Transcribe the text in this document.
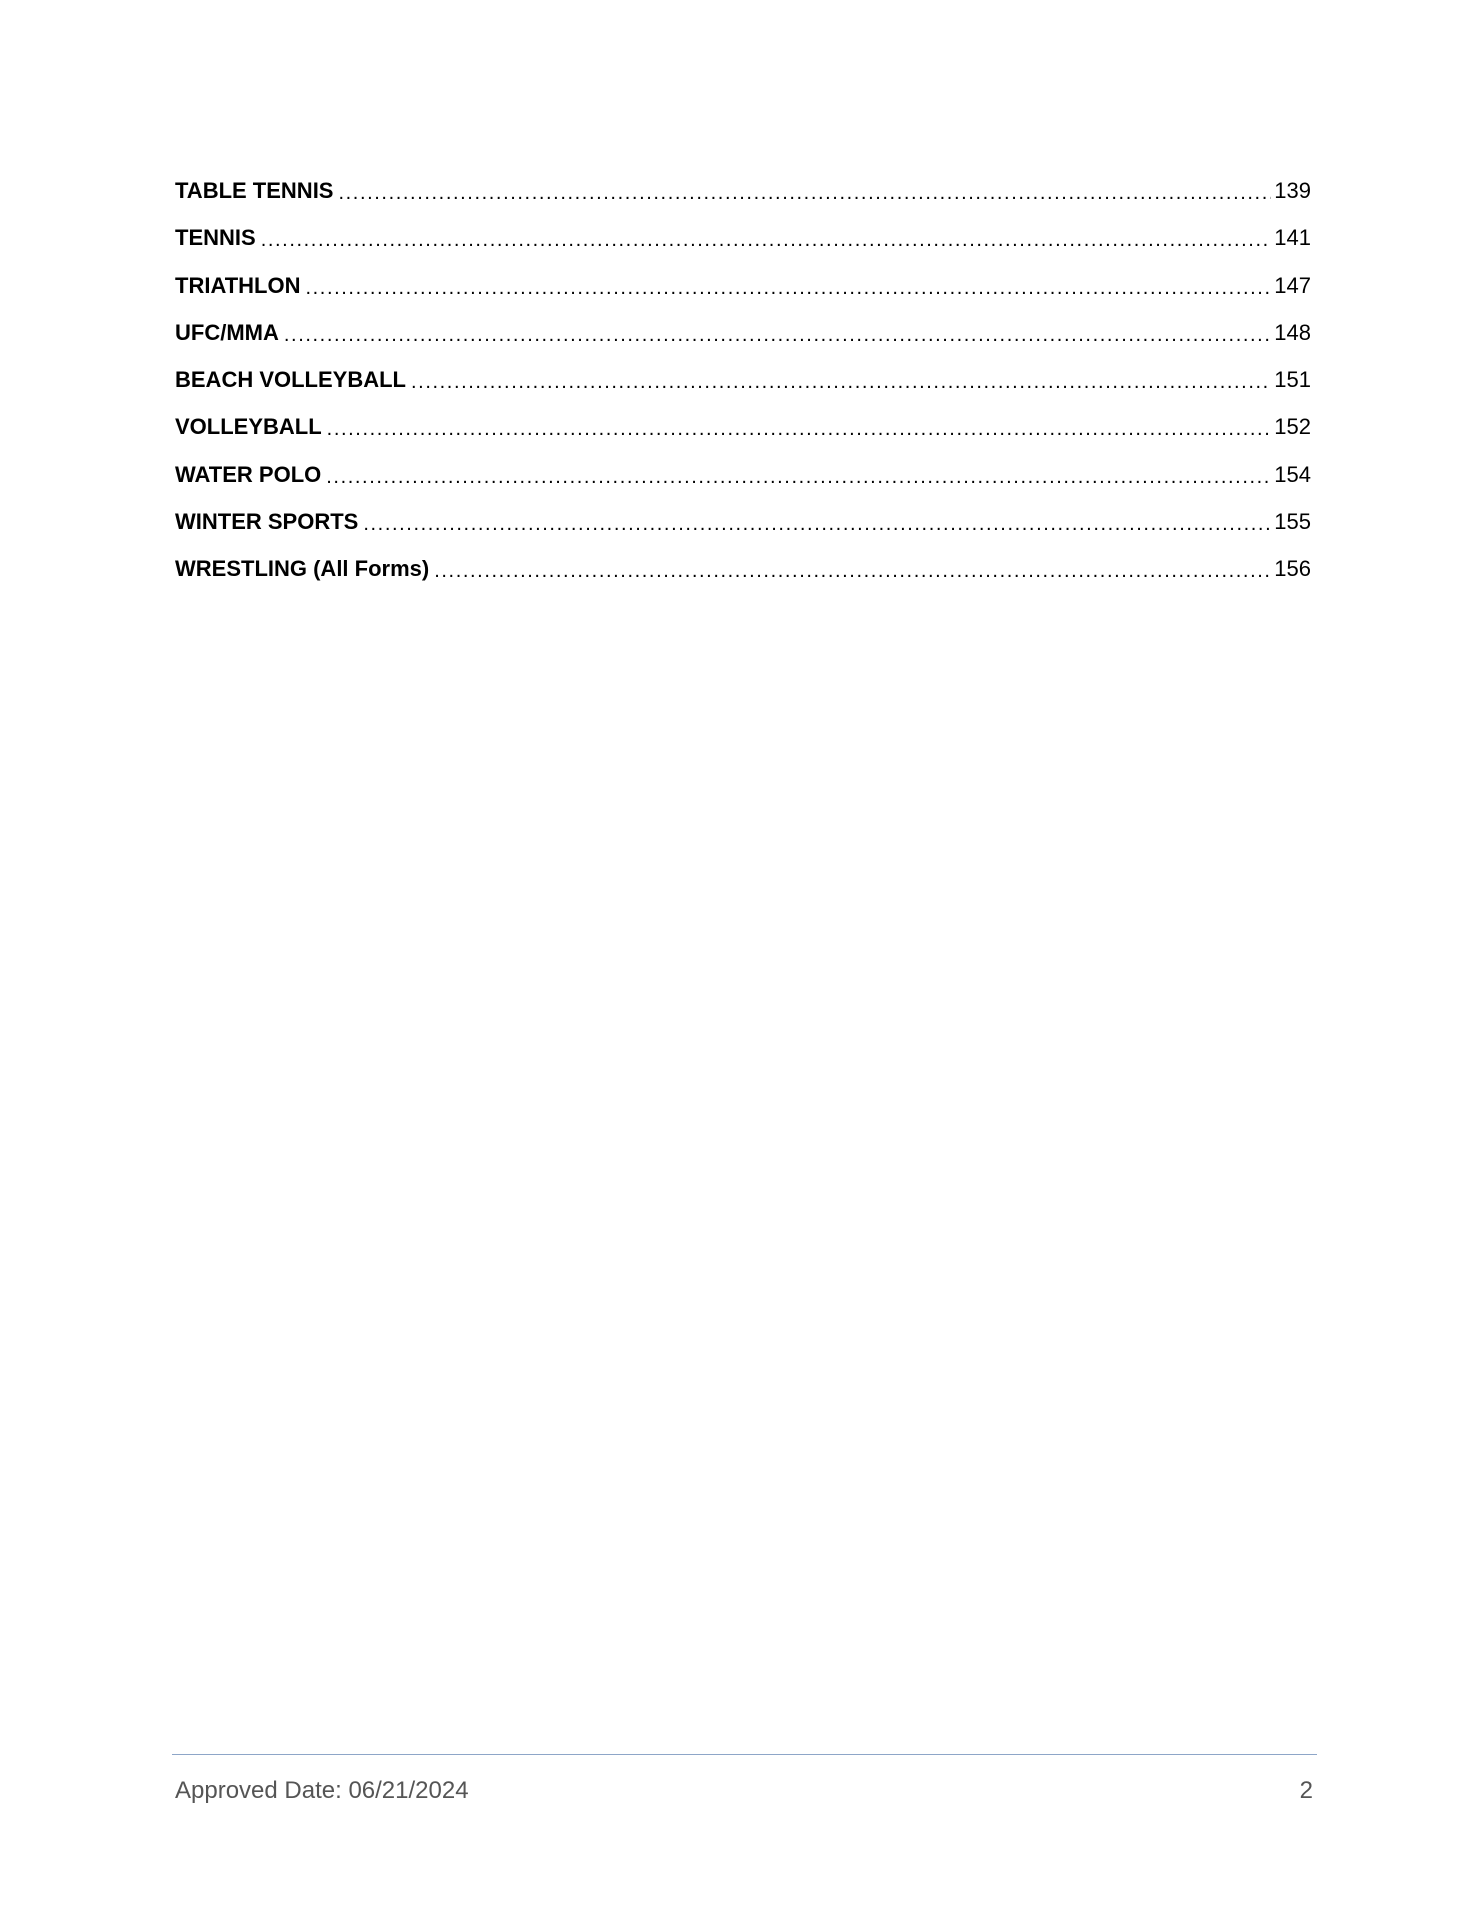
TABLE TENNIS .....	139
TENNIS .....	141
TRIATHLON .....	147
UFC/MMA .....	148
BEACH VOLLEYBALL .....	151
VOLLEYBALL .....	152
WATER POLO .....	154
WINTER SPORTS .....	155
WRESTLING (All Forms) .....	156
Approved Date: 06/21/2024	2
